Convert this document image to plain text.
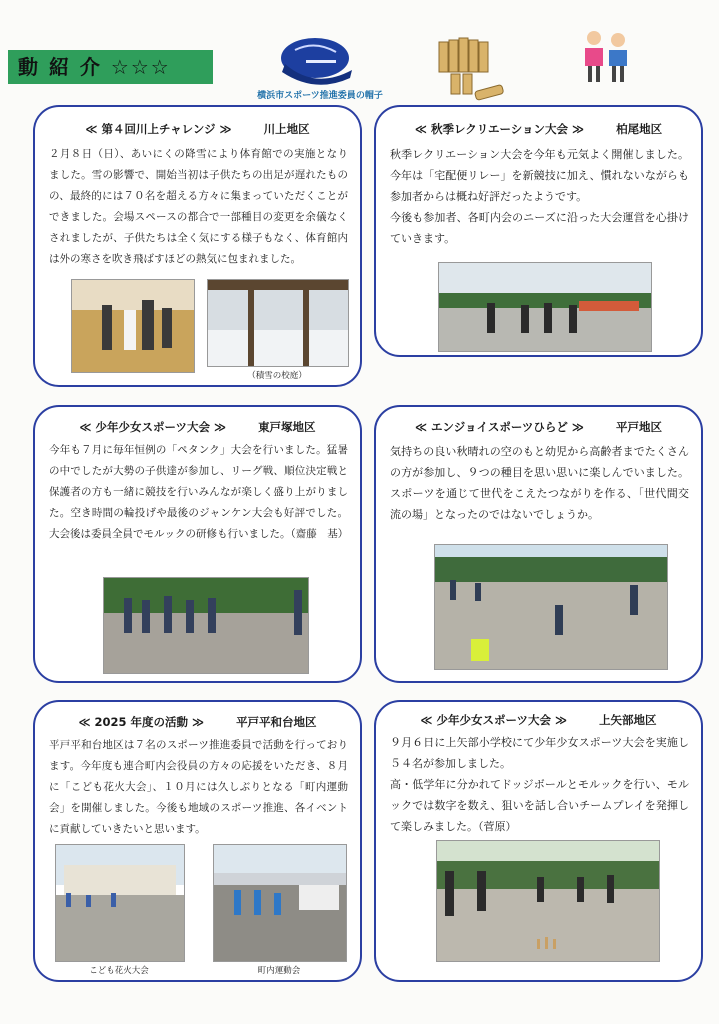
動 紹 介 ☆☆☆
横浜市スポーツ推進委員の帽子
≪ 第４回川上チャレンジ ≫	川上地区
２月８日（日）、あいにくの降雪により体育館での実施となりました。雪の影響で、開始当初は子供たちの出足が遅れたものの、最終的には７０名を超える方々に集まっていただくことができました。会場スペースの都合で一部種目の変更を余儀なくされましたが、子供たちは全く気にする様子もなく、体育館内は外の寒さを吹き飛ばすほどの熱気に包まれました。
（積雪の校庭）
≪ 秋季レクリエーション大会 ≫	柏尾地区
秋季レクリエーション大会を今年も元気よく開催しました。今年は「宅配便リレー」を新競技に加え、慣れないながらも参加者からは概ね好評だったようです。
今後も参加者、各町内会のニーズに沿った大会運営を心掛けていきます。
≪ 少年少女スポーツ大会 ≫	東戸塚地区
今年も７月に毎年恒例の「ペタンク」大会を行いました。猛暑の中でしたが大勢の子供達が参加し、リーグ戦、順位決定戦と保護者の方も一緒に競技を行いみんなが楽しく盛り上がりました。空き時間の輪投げや最後のジャンケン大会も好評でした。大会後は委員全員でモルックの研修も行いました。（齋藤　基）
≪ エンジョイスポーツひらど ≫	平戸地区
気持ちの良い秋晴れの空のもと幼児から高齢者までたくさんの方が参加し、９つの種目を思い思いに楽しんでいました。スポーツを通じて世代をこえたつながりを作る、「世代間交流の場」となったのではないでしょうか。
≪ 2025 年度の活動 ≫	平戸平和台地区
平戸平和台地区は７名のスポーツ推進委員で活動を行っております。今年度も連合町内会役員の方々の応援をいただき、８月に「こども花火大会」、１０月には久しぶりとなる「町内運動会」を開催しました。今後も地域のスポーツ推進、各イベントに貢献していきたいと思います。
こども花火大会	町内運動会
≪ 少年少女スポーツ大会 ≫	上矢部地区
９月６日に上矢部小学校にて少年少女スポーツ大会を実施し５４名が参加しました。
高・低学年に分かれてドッジボールとモルックを行い、モルックでは数字を数え、狙いを話し合いチームプレイを発揮して楽しみました。（菅原）
